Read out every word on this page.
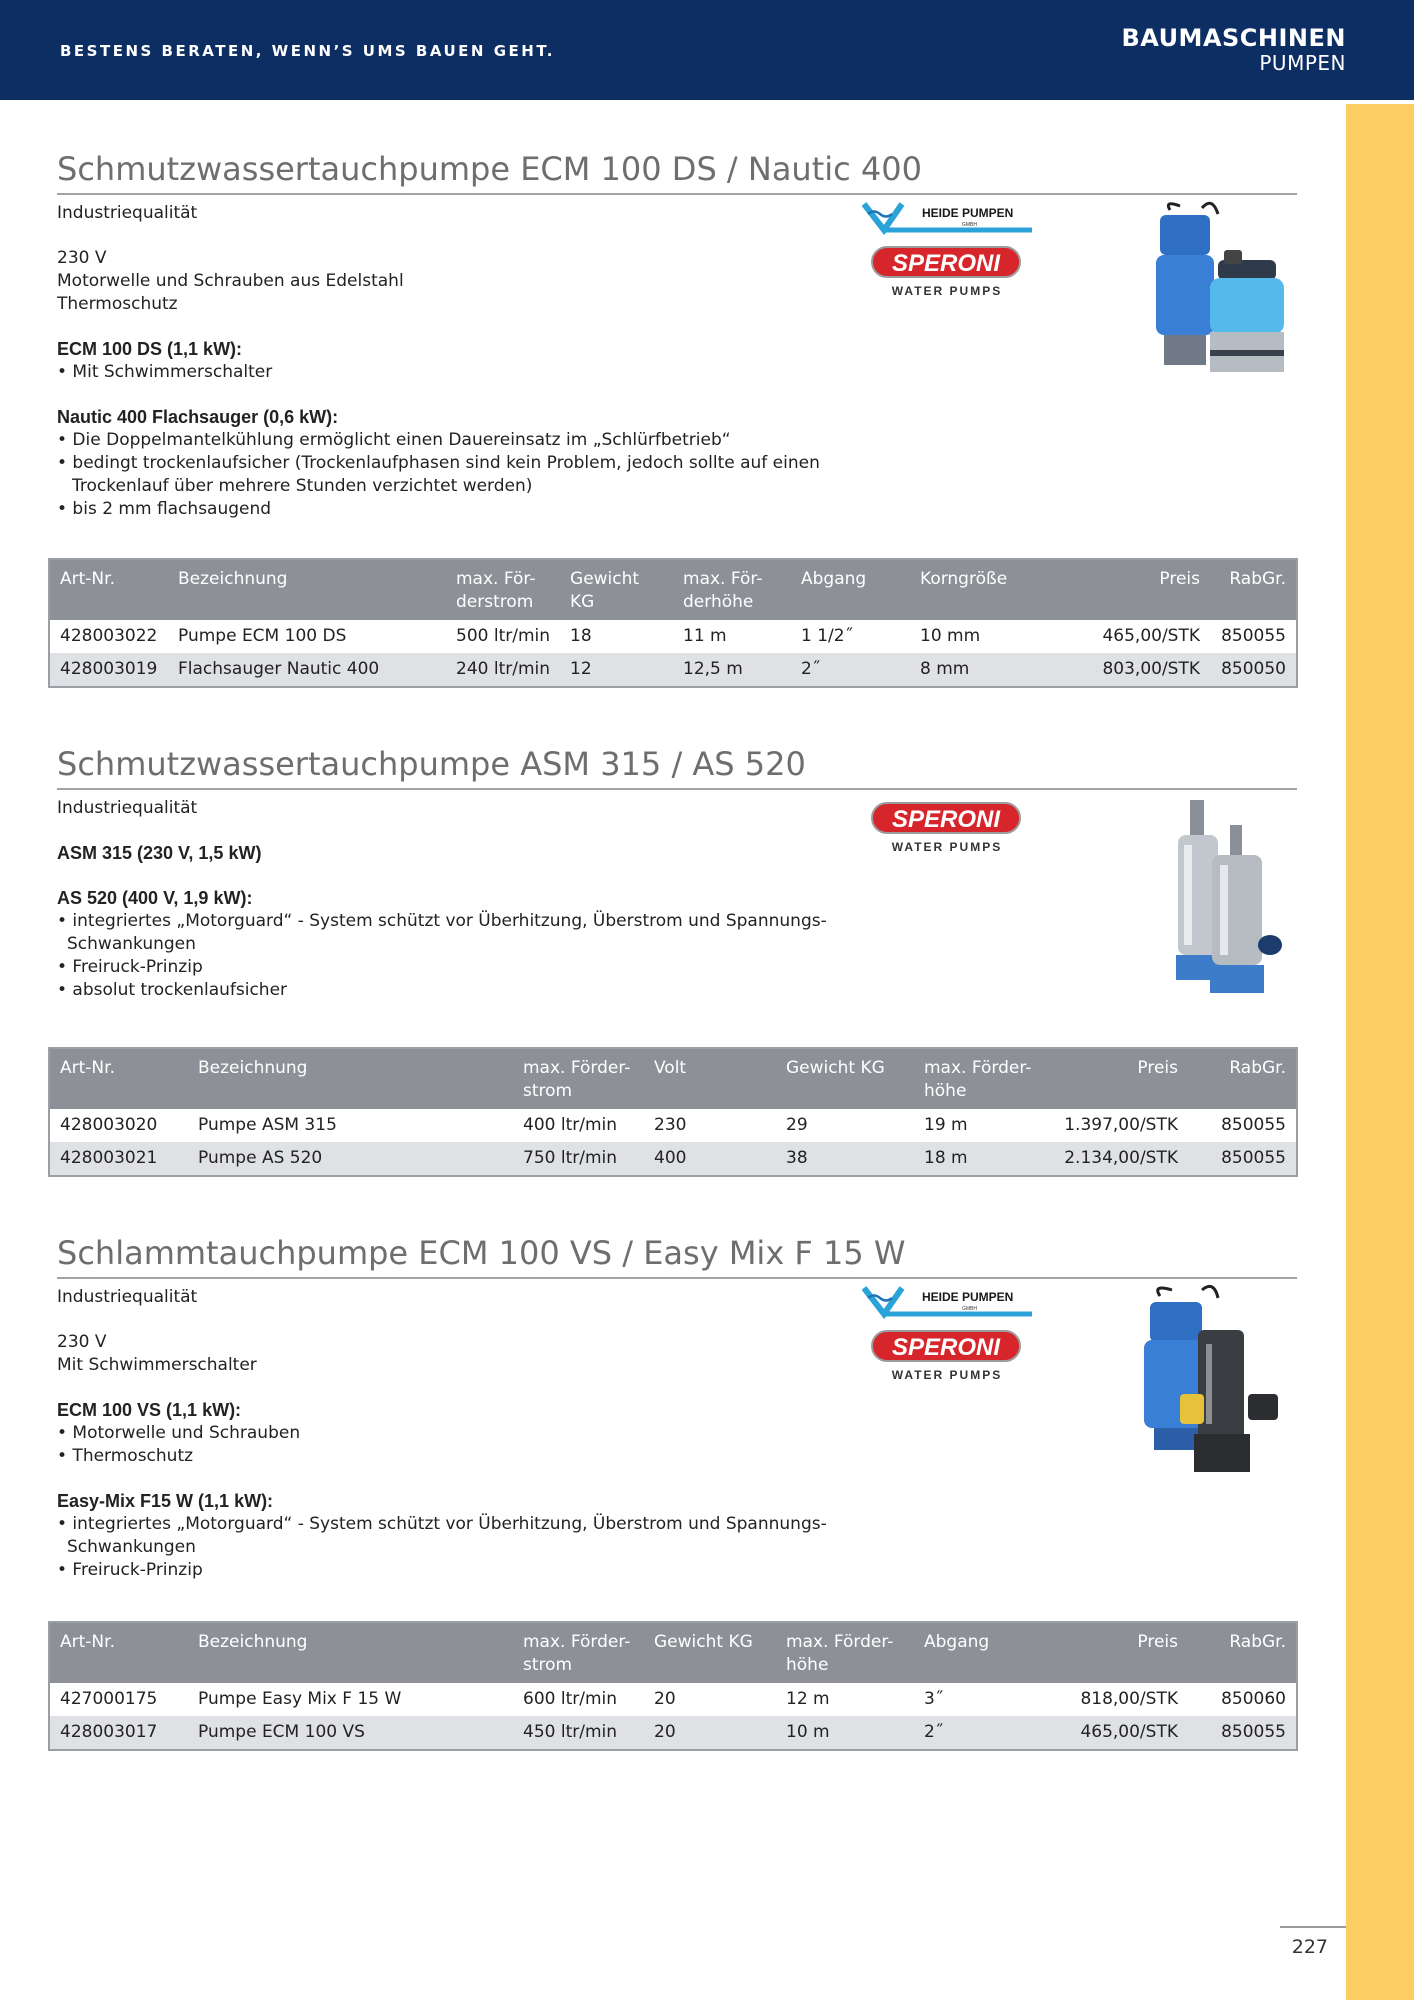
BESTENS BERATEN, WENN’S UMS BAUEN GEHT.	BAUMASCHINEN
PUMPEN
Schmutzwassertauchpumpe ECM 100 DS / Nautic 400

Industriequalität

230 V

Motorwelle und Schrauben aus Edelstahl

Thermoschutz

ECM 100 DS (1,1 kW):

• Mit Schwimmerschalter

Nautic 400 Flachsauger (0,6 kW):

• Die Doppelmantelkühlung ermöglicht einen Dauereinsatz im „Schlürfbetrieb“

• bedingt trockenlaufsicher (Trockenlaufphasen sind kein Problem, jedoch sollte auf einen

Trockenlauf über mehrere Stunden verzichtet werden)

• bis 2 mm flachsaugend

HEIDE PUMPEN
GMBH
SPERONI
WATER PUMPS
Art-Nr.	Bezeichnung	max. För-
derstrom	Gewicht
KG	max. För-
derhöhe	Abgang	Korngröße	Preis	RabGr.
428003022	Pumpe ECM 100 DS	500 ltr/min	18	11 m	1 1/2˝	10 mm	465,00/STK	850055
428003019	Flachsauger Nautic 400	240 ltr/min	12	12,5 m	2˝	8 mm	803,00/STK	850050
Schmutzwassertauchpumpe ASM 315 / AS 520

Industriequalität

ASM 315 (230 V, 1,5 kW)

AS 520 (400 V, 1,9 kW):

• integriertes „Motorguard“ - System schützt vor Überhitzung, Überstrom und Spannungs-

Schwankungen

• Freiruck-Prinzip

• absolut trockenlaufsicher

SPERONI
WATER PUMPS
Art-Nr.	Bezeichnung	max. Förder-
strom	Volt	Gewicht KG	max. Förder-
höhe	Preis	RabGr.
428003020	Pumpe ASM 315	400 ltr/min	230	29	19 m	1.397,00/STK	850055
428003021	Pumpe AS 520	750 ltr/min	400	38	18 m	2.134,00/STK	850055
Schlammtauchpumpe ECM 100 VS / Easy Mix F 15 W

Industriequalität

230 V

Mit Schwimmerschalter

ECM 100 VS (1,1 kW):

• Motorwelle und Schrauben

• Thermoschutz

Easy-Mix F15 W (1,1 kW):

• integriertes „Motorguard“ - System schützt vor Überhitzung, Überstrom und Spannungs-

Schwankungen

• Freiruck-Prinzip

HEIDE PUMPEN
GMBH
SPERONI
WATER PUMPS
Art-Nr.	Bezeichnung	max. Förder-
strom	Gewicht KG	max. Förder-
höhe	Abgang	Preis	RabGr.
427000175	Pumpe Easy Mix F 15 W	600 ltr/min	20	12 m	3˝	818,00/STK	850060
428003017	Pumpe ECM 100 VS	450 ltr/min	20	10 m	2˝	465,00/STK	850055
227
